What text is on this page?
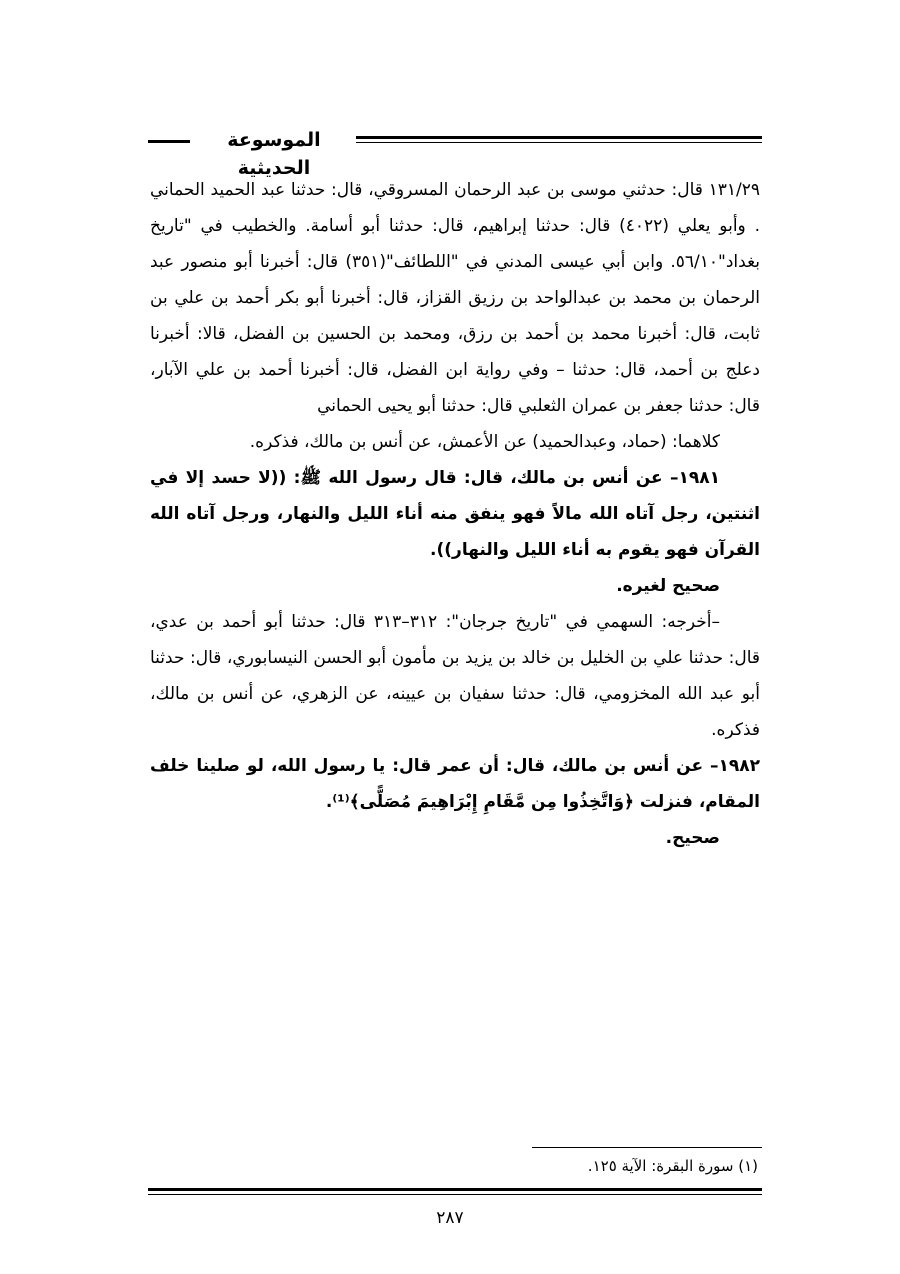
الموسوعة الحديثية

١٣١/٢٩ قال: حدثني موسى بن عبد الرحمان المسروقي، قال: حدثنا عبد الحميد الحماني . وأبو يعلي (٤٠٢٢) قال: حدثنا إبراهيم، قال: حدثنا أبو أسامة. والخطيب في "تاريخ بغداد"٥٦/١٠. وابن أبي عيسى المدني في "اللطائف"(٣٥١) قال: أخبرنا أبو منصور عبد الرحمان بن محمد بن عبدالواحد بن رزيق القزاز، قال: أخبرنا أبو بكر أحمد بن علي بن ثابت، قال: أخبرنا محمد بن أحمد بن رزق، ومحمد بن الحسين بن الفضل، قالا: أخبرنا دعلج بن أحمد، قال: حدثنا – وفي رواية ابن الفضل، قال: أخبرنا أحمد بن علي الآبار، قال: حدثنا جعفر بن عمران الثعلبي قال: حدثنا أبو يحيى الحماني

كلاهما: (حماد، وعبدالحميد) عن الأعمش، عن أنس بن مالك، فذكره.

١٩٨١– عن أنس بن مالك، قال: قال رسول الله ﷺ: ((لا حسد إلا في اثنتين، رجل آتاه الله مالاً فهو ينفق منه أناء الليل والنهار، ورجل آتاه الله القرآن فهو يقوم به أناء الليل والنهار)).

صحيح لغيره.

–أخرجه: السهمي في "تاريخ جرجان": ٣١٢–٣١٣ قال: حدثنا أبو أحمد بن عدي، قال: حدثنا علي بن الخليل بن خالد بن يزيد بن مأمون أبو الحسن النيسابوري، قال: حدثنا أبو عبد الله المخزومي، قال: حدثنا سفيان بن عيينه، عن الزهري، عن أنس بن مالك، فذكره.

١٩٨٢– عن أنس بن مالك، قال: أن عمر قال: يا رسول الله، لو صلينا خلف المقام، فنزلت ﴿وَاتَّخِذُوا مِن مَّقَامِ إِبْرَاهِيمَ مُصَلًّى﴾⁽¹⁾.

صحيح.

(١) سورة البقرة: الآية ١٢٥.
٢٨٧
